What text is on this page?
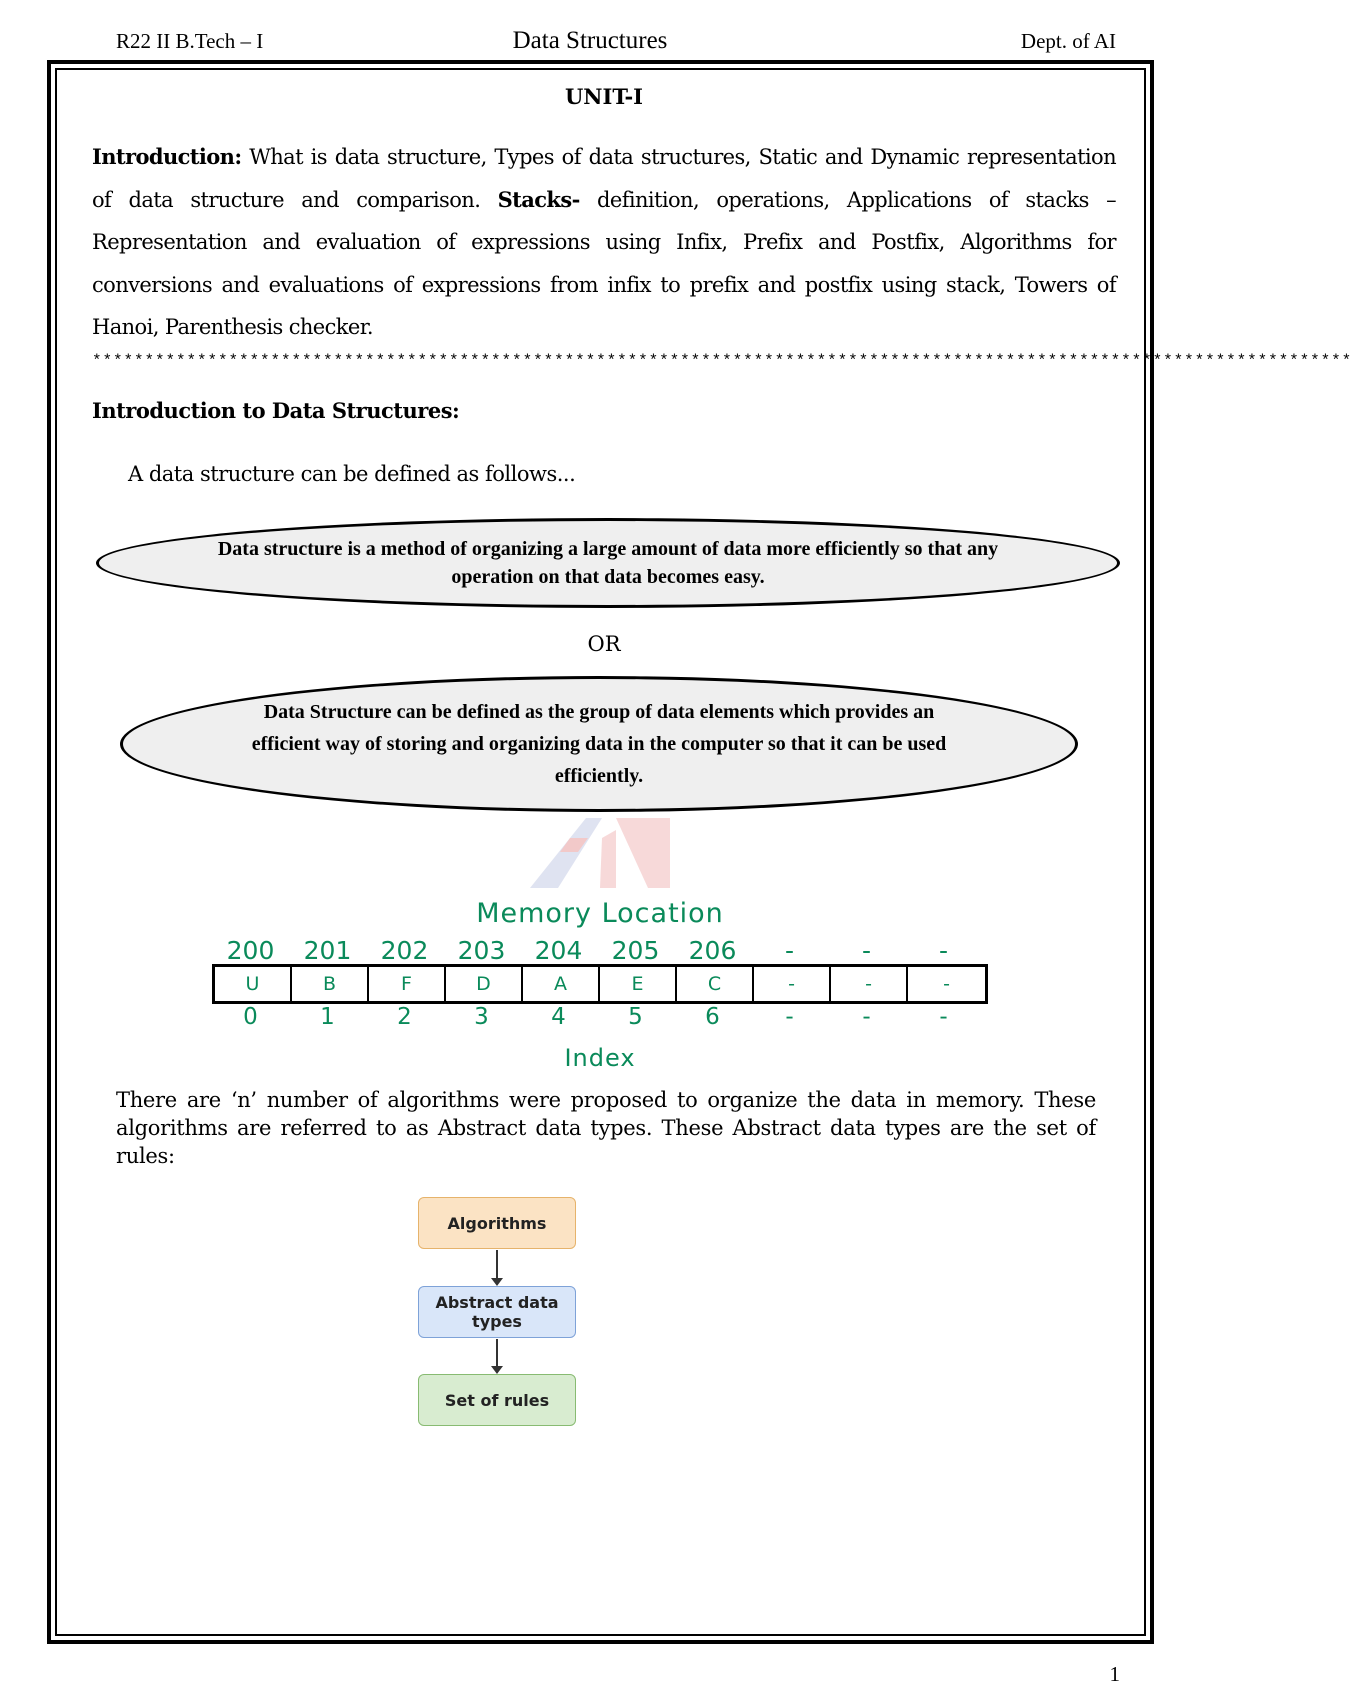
R22 II B.Tech – I	Data Structures	Dept. of AI
UNIT-I
Introduction: What is data structure, Types of data structures, Static and Dynamic representation of data structure and comparison. Stacks- definition, operations, Applications of stacks – Representation and evaluation of expressions using Infix, Prefix and Postfix, Algorithms for conversions and evaluations of expressions from infix to prefix and postfix using stack, Towers of Hanoi, Parenthesis checker.
************************************************************************************************************************
Introduction to Data Structures:
A data structure can be defined as follows...
Data structure is a method of organizing a large amount of data more efficiently so that any operation on that data becomes easy.
OR
Data Structure can be defined as the group of data elements which provides an efficient way of storing and organizing data in the computer so that it can be used efficiently.
Memory Location
200	201	202	203	204	205	206	-	-	-
U	B	F	D	A	E	C	-	-	-
0	1	2	3	4	5	6	-	-	-
Index
There are ‘n’ number of algorithms were proposed to organize the data in memory. These algorithms are referred to as Abstract data types. These Abstract data types are the set of rules:
Algorithms
Abstract data types
Set of rules
1
